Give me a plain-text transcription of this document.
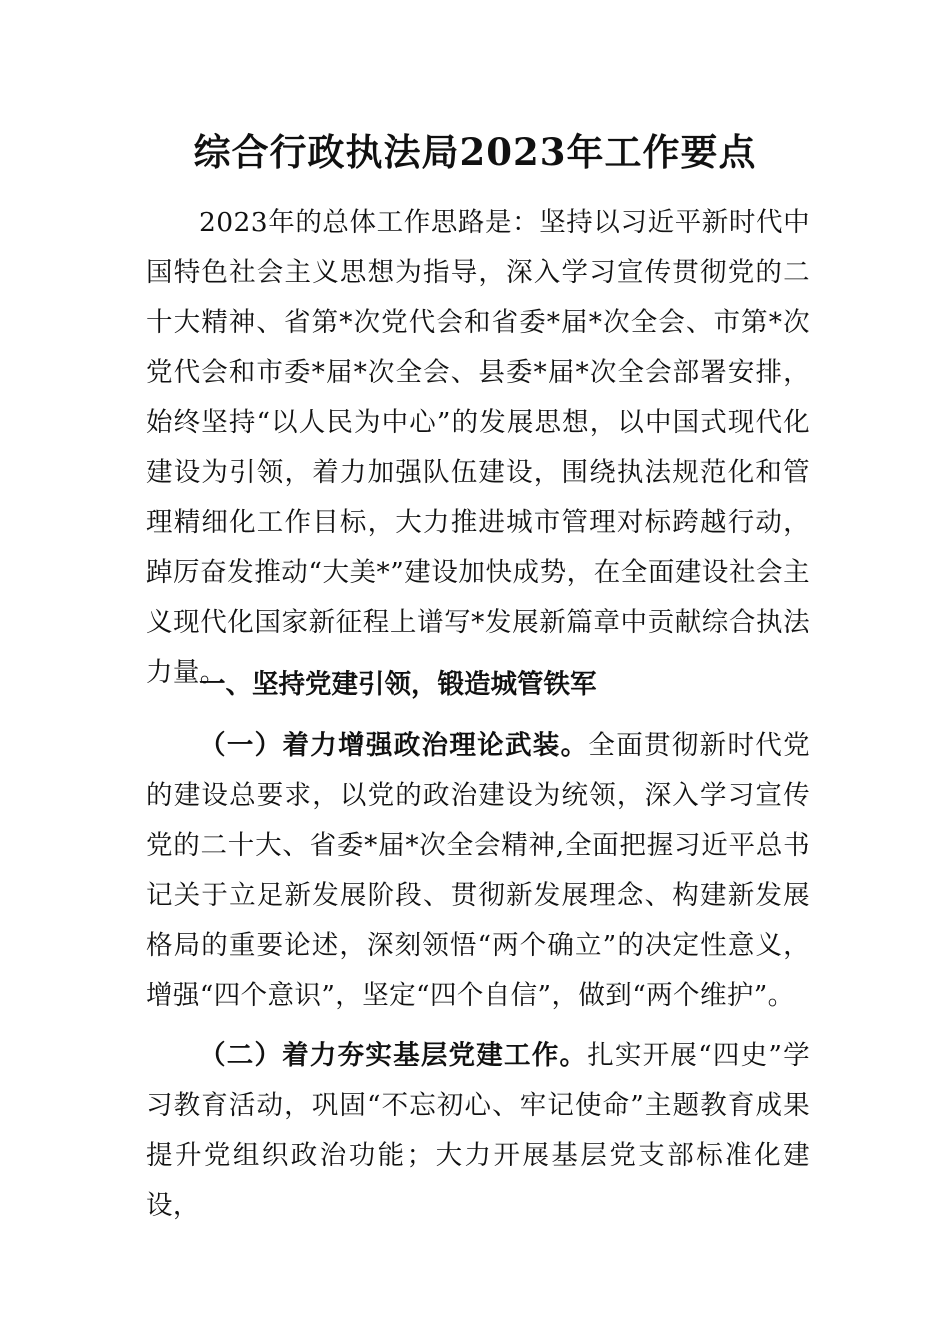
综合行政执法局2023年工作要点
2023年的总体工作思路是：坚持以习近平新时代中国特色社会主义思想为指导，深入学习宣传贯彻党的二十大精神、省第*次党代会和省委*届*次全会、市第*次党代会和市委*届*次全会、县委*届*次全会部署安排，始终坚持“以人民为中心”的发展思想，以中国式现代化建设为引领，着力加强队伍建设，围绕执法规范化和管理精细化工作目标，大力推进城市管理对标跨越行动，踔厉奋发推动“大美*”建设加快成势，在全面建设社会主义现代化国家新征程上谱写*发展新篇章中贡献综合执法力量。
一、坚持党建引领，锻造城管铁军
（一）着力增强政治理论武装。全面贯彻新时代党的建设总要求，以党的政治建设为统领，深入学习宣传党的二十大、省委*届*次全会精神,全面把握习近平总书记关于立足新发展阶段、贯彻新发展理念、构建新发展格局的重要论述，深刻领悟“两个确立”的决定性意义，增强“四个意识”，坚定“四个自信”，做到“两个维护”。
（二）着力夯实基层党建工作。扎实开展“四史”学习教育活动，巩固“不忘初心、牢记使命”主题教育成果提升党组织政治功能；大力开展基层党支部标准化建设，
